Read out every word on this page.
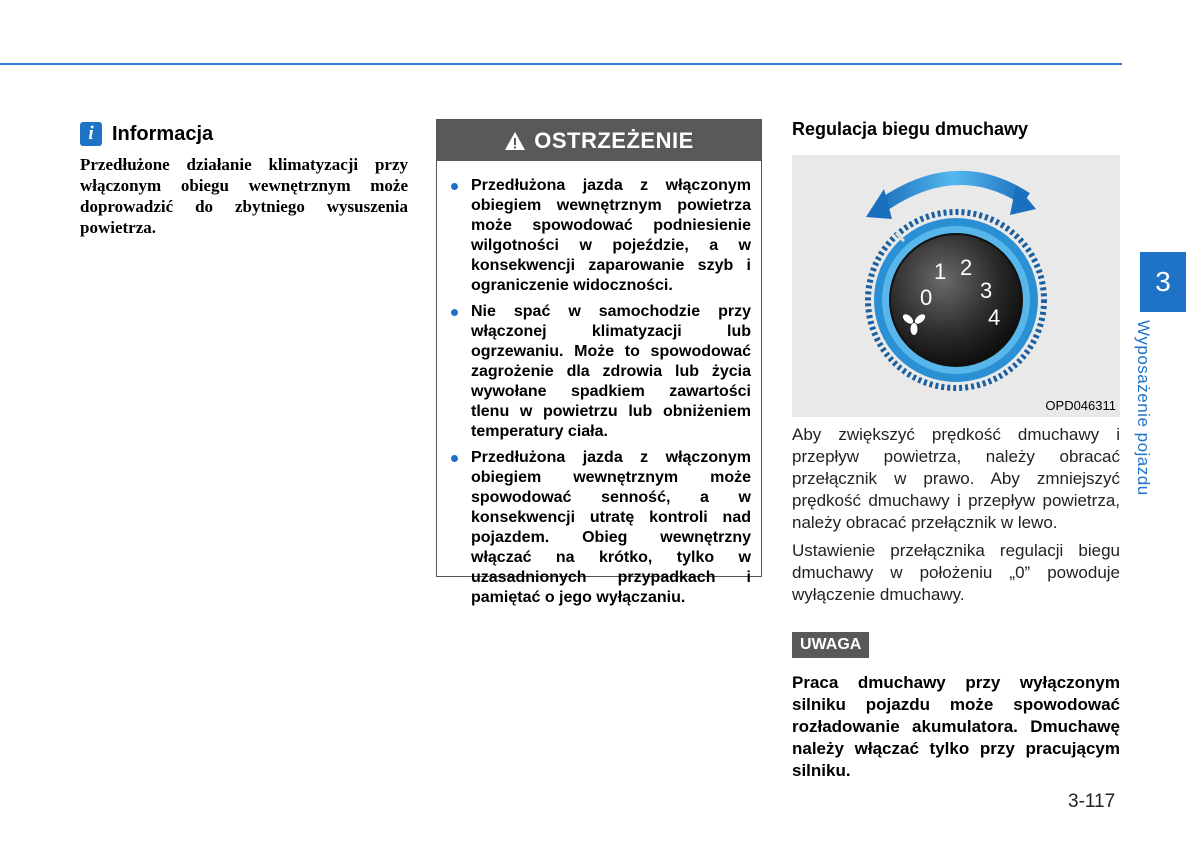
i Informacja
Przedłużone działanie klimatyzacji przy włączonym obiegu wewnętrznym może doprowadzić do zbytniego wysuszenia powietrza.
OSTRZEŻENIE
Przedłużona jazda z włączonym obiegiem wewnętrznym powietrza może spowodować podniesienie wilgotności w pojeździe, a w konsekwencji zaparowanie szyb i ograniczenie widoczności.
Nie spać w samochodzie przy włączonej klimatyzacji lub ogrzewaniu. Może to spowodować zagrożenie dla zdrowia lub życia wywołane spadkiem zawartości tlenu w powietrzu lub obniżeniem temperatury ciała.
Przedłużona jazda z włączonym obiegiem wewnętrznym może spowodować senność, a w konsekwencji utratę kontroli nad pojazdem. Obieg wewnętrzny włączać na krótko, tylko w uzasadnionych przypadkach i pamiętać o jego wyłączaniu.
Regulacja biegu dmuchawy
0
1 2
3
4
OPD046311
Aby zwiększyć prędkość dmuchawy i przepływ powietrza, należy obracać przełącznik w prawo. Aby zmniejszyć prędkość dmuchawy i przepływ powietrza, należy obracać przełącznik w lewo.
Ustawienie przełącznika regulacji biegu dmuchawy w położeniu „0” powoduje wyłączenie dmuchawy.
UWAGA
Praca dmuchawy przy wyłączonym silniku pojazdu może spowodować rozładowanie akumulatora. Dmuchawę należy włączać tylko przy pracującym silniku.
3
Wyposażenie pojazdu
3-117
